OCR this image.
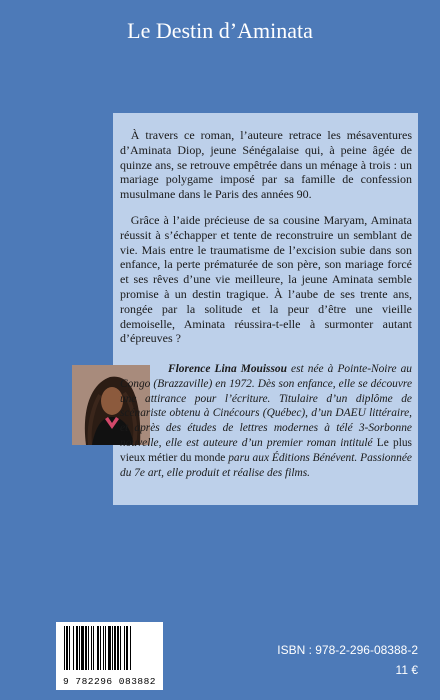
Le Destin d’Aminata

À travers ce roman, l’auteure retrace les mésaventures d’Aminata Diop, jeune Sénégalaise qui, à peine âgée de quinze ans, se retrouve empêtrée dans un ménage à trois : un mariage polygame imposé par sa famille de confession musulmane dans le Paris des années 90.

Grâce à l’aide précieuse de sa cousine Maryam, Aminata réussit à s’échapper et tente de reconstruire un semblant de vie. Mais entre le traumatisme de l’excision subie dans son enfance, la perte prématurée de son père, son mariage forcé et ses rêves d’une vie meilleure, la jeune Aminata semble promise à un destin tragique. À l’aube de ses trente ans, rongée par la solitude et la peur d’être une vieille demoiselle, Aminata réussira-t-elle à surmonter autant d’épreuves ?

Florence Lina Mouissou est née à Pointe-Noire au Congo (Brazzaville) en 1972. Dès son enfance, elle se découvre une attirance pour l’écriture. Titulaire d’un diplôme de scénariste obtenu à Cinécours (Québec), d’un DAEU littéraire, et après des études de lettres modernes à télé 3-Sorbonne nouvelle, elle est auteure d’un premier roman intitulé Le plus vieux métier du monde paru aux Éditions Bénévent. Passionnée du 7e art, elle produit et réalise des films.
9 782296 083882
ISBN : 978-2-296-08388-2
11 €
